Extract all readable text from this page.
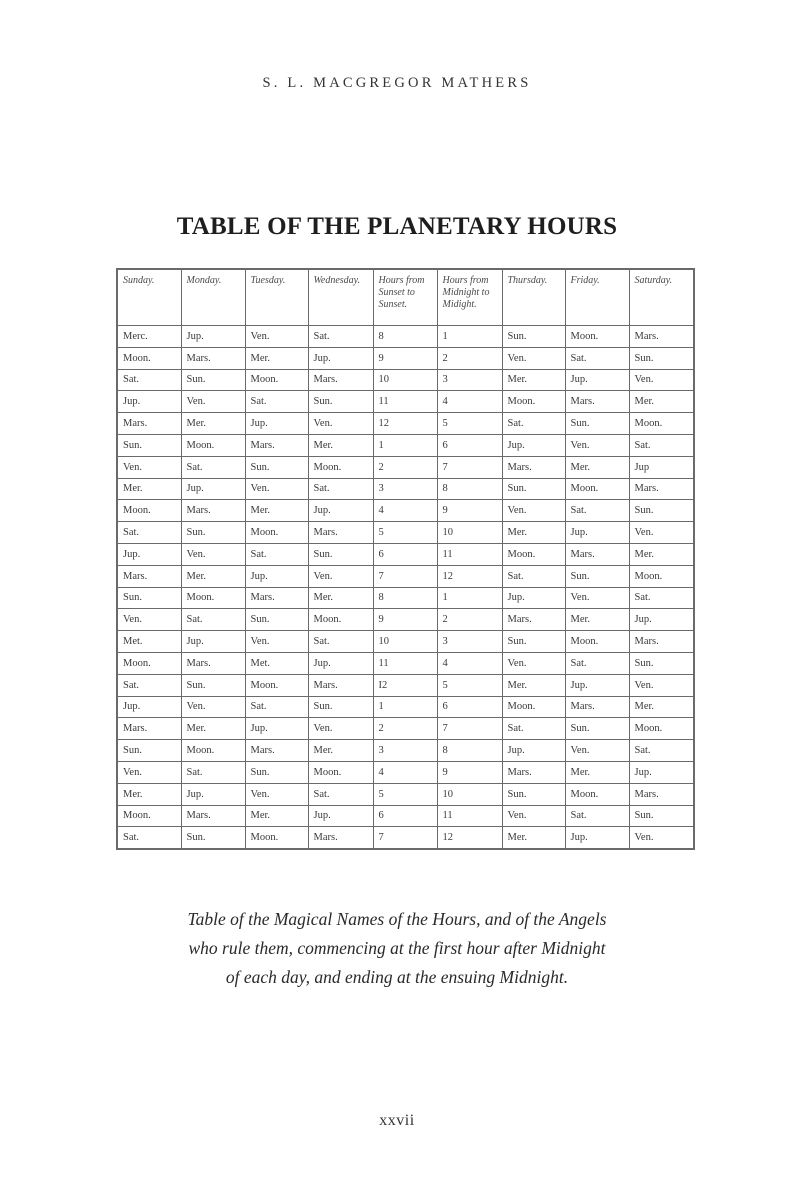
S. L. MACGREGOR MATHERS
TABLE OF THE PLANETARY HOURS
Sunday.	Monday.	Tuesday.	Wednesday.	Hours from Sunset to Sunset.	Hours from Midnight to Midight.	Thursday.	Friday.	Saturday.
Merc.	Jup.	Ven.	Sat.	8	1	Sun.	Moon.	Mars.
Moon.	Mars.	Mer.	Jup.	9	2	Ven.	Sat.	Sun.
Sat.	Sun.	Moon.	Mars.	10	3	Mer.	Jup.	Ven.
Jup.	Ven.	Sat.	Sun.	11	4	Moon.	Mars.	Mer.
Mars.	Mer.	Jup.	Ven.	12	5	Sat.	Sun.	Moon.
Sun.	Moon.	Mars.	Mer.	1	6	Jup.	Ven.	Sat.
Ven.	Sat.	Sun.	Moon.	2	7	Mars.	Mer.	Jup
Mer.	Jup.	Ven.	Sat.	3	8	Sun.	Moon.	Mars.
Moon.	Mars.	Mer.	Jup.	4	9	Ven.	Sat.	Sun.
Sat.	Sun.	Moon.	Mars.	5	10	Mer.	Jup.	Ven.
Jup.	Ven.	Sat.	Sun.	6	11	Moon.	Mars.	Mer.
Mars.	Mer.	Jup.	Ven.	7	12	Sat.	Sun.	Moon.
Sun.	Moon.	Mars.	Mer.	8	1	Jup.	Ven.	Sat.
Ven.	Sat.	Sun.	Moon.	9	2	Mars.	Mer.	Jup.
Met.	Jup.	Ven.	Sat.	10	3	Sun.	Moon.	Mars.
Moon.	Mars.	Met.	Jup.	11	4	Ven.	Sat.	Sun.
Sat.	Sun.	Moon.	Mars.	I2	5	Mer.	Jup.	Ven.
Jup.	Ven.	Sat.	Sun.	1	6	Moon.	Mars.	Mer.
Mars.	Mer.	Jup.	Ven.	2	7	Sat.	Sun.	Moon.
Sun.	Moon.	Mars.	Mer.	3	8	Jup.	Ven.	Sat.
Ven.	Sat.	Sun.	Moon.	4	9	Mars.	Mer.	Jup.
Mer.	Jup.	Ven.	Sat.	5	10	Sun.	Moon.	Mars.
Moon.	Mars.	Mer.	Jup.	6	11	Ven.	Sat.	Sun.
Sat.	Sun.	Moon.	Mars.	7	12	Mer.	Jup.	Ven.
Table of the Magical Names of the Hours, and of the Angels
who rule them, commencing at the first hour after Midnight
of each day, and ending at the ensuing Midnight.
xxvii
